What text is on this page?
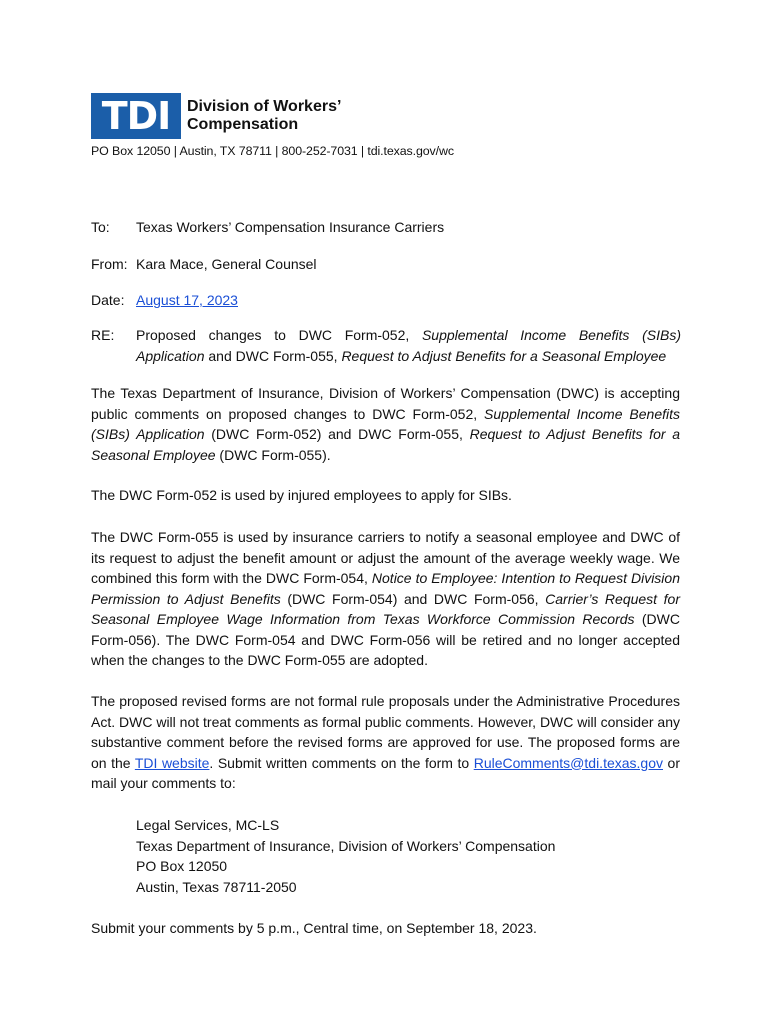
TDI	Division of Workers’
Compensation
PO Box 12050 | Austin, TX 78711 | 800-252-7031 | tdi.texas.gov/wc
To: Texas Workers’ Compensation Insurance Carriers
From: Kara Mace, General Counsel
Date: August 17, 2023
RE: Proposed changes to DWC Form-052, Supplemental Income Benefits (SIBs) Application and DWC Form-055, Request to Adjust Benefits for a Seasonal Employee
The Texas Department of Insurance, Division of Workers’ Compensation (DWC) is accepting public comments on proposed changes to DWC Form-052, Supplemental Income Benefits (SIBs) Application (DWC Form-052) and DWC Form-055, Request to Adjust Benefits for a Seasonal Employee (DWC Form-055).
The DWC Form-052 is used by injured employees to apply for SIBs.
The DWC Form-055 is used by insurance carriers to notify a seasonal employee and DWC of its request to adjust the benefit amount or adjust the amount of the average weekly wage. We combined this form with the DWC Form-054, Notice to Employee: Intention to Request Division Permission to Adjust Benefits (DWC Form-054) and DWC Form-056, Carrier’s Request for Seasonal Employee Wage Information from Texas Workforce Commission Records (DWC Form-056). The DWC Form-054 and DWC Form-056 will be retired and no longer accepted when the changes to the DWC Form-055 are adopted.
The proposed revised forms are not formal rule proposals under the Administrative Procedures Act. DWC will not treat comments as formal public comments. However, DWC will consider any substantive comment before the revised forms are approved for use. The proposed forms are on the TDI website. Submit written comments on the form to RuleComments@tdi.texas.gov or mail your comments to:
Legal Services, MC-LS
Texas Department of Insurance, Division of Workers’ Compensation
PO Box 12050
Austin, Texas 78711-2050
Submit your comments by 5 p.m., Central time, on September 18, 2023.
